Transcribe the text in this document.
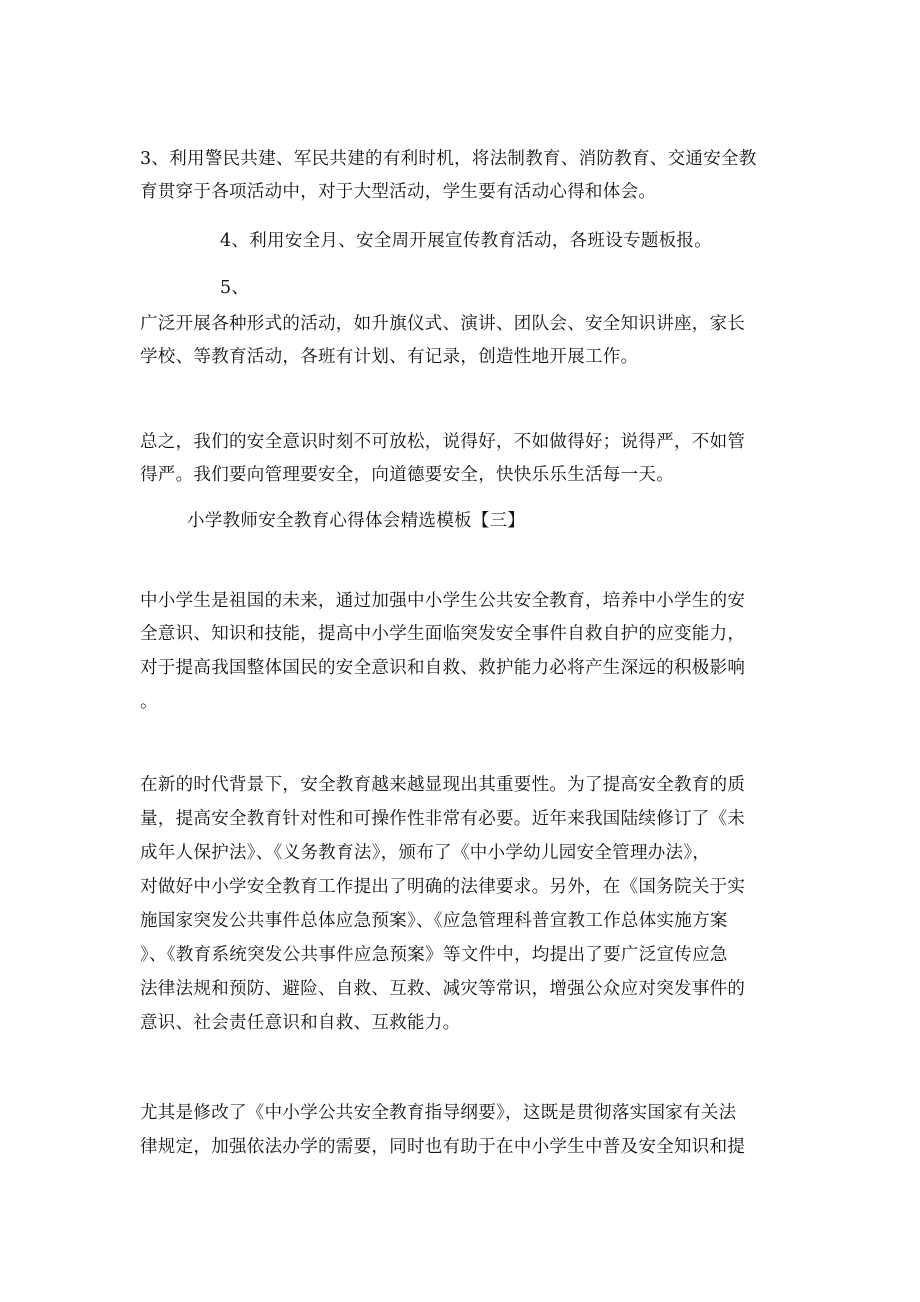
3、利用警民共建、军民共建的有利时机，将法制教育、消防教育、交通安全教
育贯穿于各项活动中，对于大型活动，学生要有活动心得和体会。
4、利用安全月、安全周开展宣传教育活动，各班设专题板报。
5、
广泛开展各种形式的活动，如升旗仪式、演讲、团队会、安全知识讲座，家长
学校、等教育活动，各班有计划、有记录，创造性地开展工作。
总之，我们的安全意识时刻不可放松，说得好，不如做得好；说得严，不如管
得严。我们要向管理要安全，向道德要安全，快快乐乐生活每一天。
小学教师安全教育心得体会精选模板【三】
中小学生是祖国的未来，通过加强中小学生公共安全教育，培养中小学生的安
全意识、知识和技能，提高中小学生面临突发安全事件自救自护的应变能力，
对于提高我国整体国民的安全意识和自救、救护能力必将产生深远的积极影响
。
在新的时代背景下，安全教育越来越显现出其重要性。为了提高安全教育的质
量，提高安全教育针对性和可操作性非常有必要。近年来我国陆续修订了《未
成年人保护法》、《义务教育法》，颁布了《中小学幼儿园安全管理办法》，
对做好中小学安全教育工作提出了明确的法律要求。另外，在《国务院关于实
施国家突发公共事件总体应急预案》、《应急管理科普宣教工作总体实施方案
》、《教育系统突发公共事件应急预案》等文件中，均提出了要广泛宣传应急
法律法规和预防、避险、自救、互救、减灾等常识，增强公众应对突发事件的
意识、社会责任意识和自救、互救能力。
尤其是修改了《中小学公共安全教育指导纲要》，这既是贯彻落实国家有关法
律规定，加强依法办学的需要，同时也有助于在中小学生中普及安全知识和提
